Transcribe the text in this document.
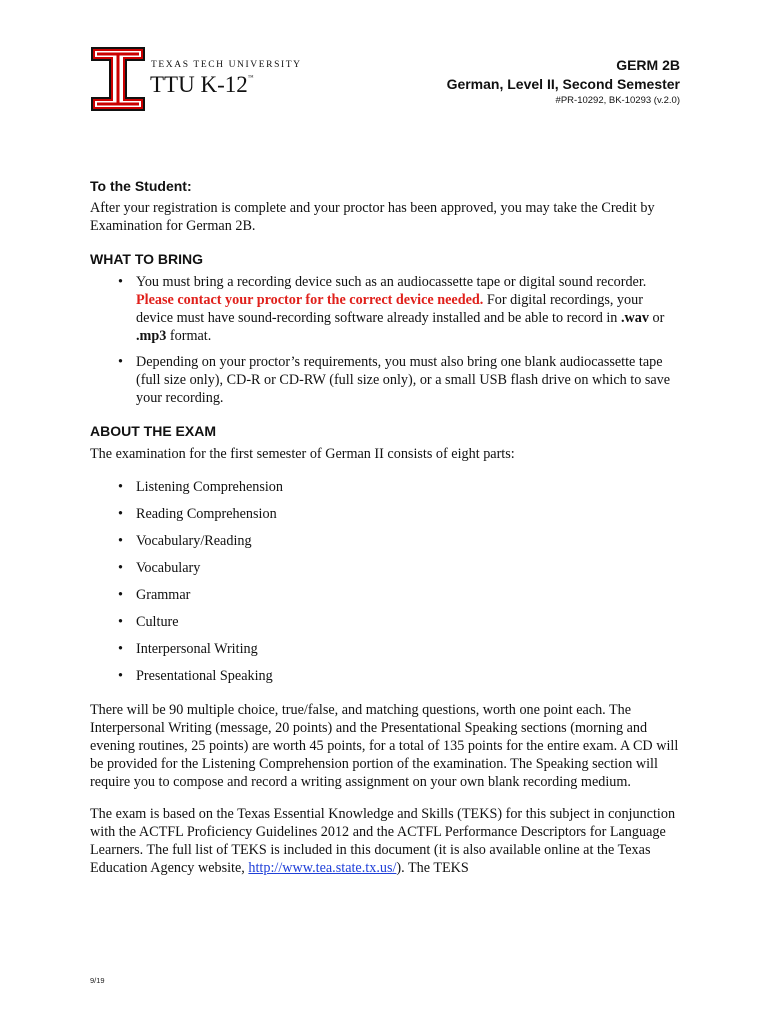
TEXAS TECH UNIVERSITY
TTU K-12™
GERM 2B
German, Level II, Second Semester
#PR-10292, BK-10293 (v.2.0)
To the Student:

After your registration is complete and your proctor has been approved, you may take the Credit by Examination for German 2B.

WHAT TO BRING
• You must bring a recording device such as an audiocassette tape or digital sound recorder. Please contact your proctor for the correct device needed. For digital recordings, your device must have sound-recording software already installed and be able to record in .wav or .mp3 format.
• Depending on your proctor’s requirements, you must also bring one blank audiocassette tape (full size only), CD-R or CD-RW (full size only), or a small USB flash drive on which to save your recording.
ABOUT THE EXAM

The examination for the first semester of German II consists of eight parts:

• Listening Comprehension
• Reading Comprehension
• Vocabulary/Reading
• Vocabulary
• Grammar
• Culture
• Interpersonal Writing
• Presentational Speaking

There will be 90 multiple choice, true/false, and matching questions, worth one point each. The Interpersonal Writing (message, 20 points) and the Presentational Speaking sections (morning and evening routines, 25 points) are worth 45 points, for a total of 135 points for the entire exam. A CD will be provided for the Listening Comprehension portion of the examination. The Speaking section will require you to compose and record a writing assignment on your own blank recording medium.

The exam is based on the Texas Essential Knowledge and Skills (TEKS) for this subject in conjunction with the ACTFL Proficiency Guidelines 2012 and the ACTFL Performance Descriptors for Language Learners. The full list of TEKS is included in this document (it is also available online at the Texas Education Agency website, http://www.tea.state.tx.us/). The TEKS

9/19
